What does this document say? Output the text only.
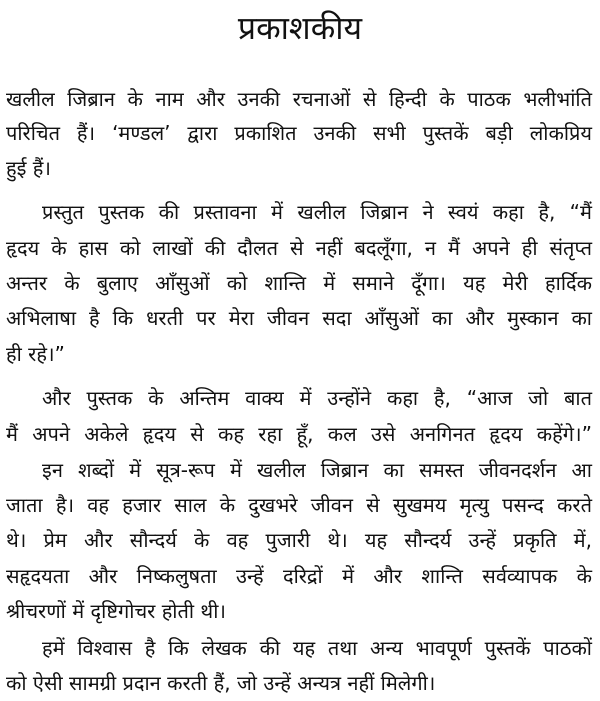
प्रकाशकीय

खलील जिब्रान के नाम और उनकी रचनाओं से हिन्दी के पाठक भलीभांति

परिचित हैं। ‘मण्डल’ द्वारा प्रकाशित उनकी सभी पुस्तकें बड़ी लोकप्रिय

हुई हैं।

प्रस्तुत पुस्तक की प्रस्तावना में खलील जिब्रान ने स्वयं कहा है, “मैं

हृदय के हास को लाखों की दौलत से नहीं बदलूँगा, न मैं अपने ही संतृप्त

अन्तर के बुलाए आँसुओं को शान्ति में समाने दूँगा। यह मेरी हार्दिक

अभिलाषा है कि धरती पर मेरा जीवन सदा आँसुओं का और मुस्कान का

ही रहे।”

और पुस्तक के अन्तिम वाक्य में उन्होंने कहा है, “आज जो बात

मैं अपने अकेले हृदय से कह रहा हूँ, कल उसे अनगिनत हृदय कहेंगे।”

इन शब्दों में सूत्र-रूप में खलील जिब्रान का समस्त जीवनदर्शन आ

जाता है। वह हजार साल के दुखभरे जीवन से सुखमय मृत्यु पसन्द करते

थे। प्रेम और सौन्दर्य के वह पुजारी थे। यह सौन्दर्य उन्हें प्रकृति में,

सहृदयता और निष्कलुषता उन्हें दरिद्रों में और शान्ति सर्वव्यापक के

श्रीचरणों में दृष्टिगोचर होती थी।

हमें विश्वास है कि लेखक की यह तथा अन्य भावपूर्ण पुस्तकें पाठकों

को ऐसी सामग्री प्रदान करती हैं, जो उन्हें अन्यत्र नहीं मिलेगी।
